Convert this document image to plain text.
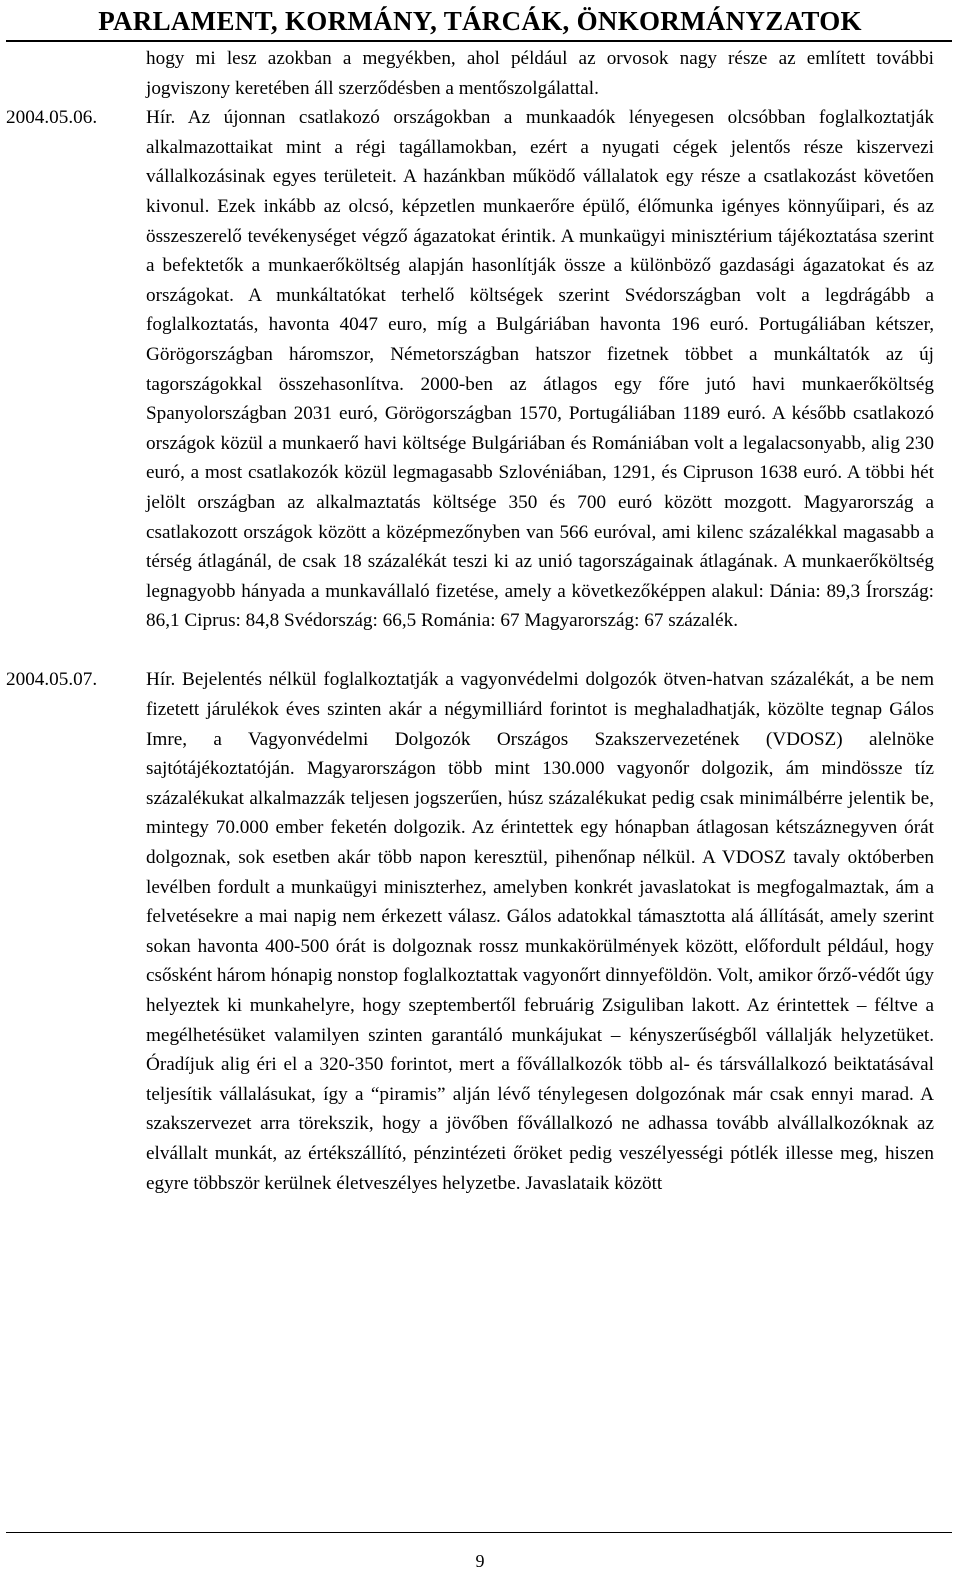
PARLAMENT, KORMÁNY, TÁRCÁK, ÖNKORMÁNYZATOK
hogy mi lesz azokban a megyékben, ahol például az orvosok nagy része az említett további jogviszony keretében áll szerződésben a mentőszolgálattal.
2004.05.06.	Hír. Az újonnan csatlakozó országokban a munkaadók lényegesen olcsóbban foglalkoztatják alkalmazottaikat mint a régi tagállamokban, ezért a nyugati cégek jelentős része kiszervezi vállalkozásinak egyes területeit. A hazánkban működő vállalatok egy része a csatlakozást követően kivonul. Ezek inkább az olcsó, képzetlen munkaerőre épülő, élőmunka igényes könnyűipari, és az összeszerelő tevékenységet végző ágazatokat érintik. A munkaügyi minisztérium tájékoztatása szerint a befektetők a munkaerőköltség alapján hasonlítják össze a különböző gazdasági ágazatokat és az országokat. A munkáltatókat terhelő költségek szerint Svédországban volt a legdrágább a foglalkoztatás, havonta 4047 euro, míg a Bulgáriában havonta 196 euró. Portugáliában kétszer, Görögországban háromszor, Németországban hatszor fizetnek többet a munkáltatók az új tagországokkal összehasonlítva. 2000-ben az átlagos egy főre jutó havi munkaerőköltség Spanyolországban 2031 euró, Görögországban 1570, Portugáliában 1189 euró. A később csatlakozó országok közül a munkaerő havi költsége Bulgáriában és Romániában volt a legalacsonyabb, alig 230 euró, a most csatlakozók közül legmagasabb Szlovéniában, 1291, és Cipruson 1638 euró. A többi hét jelölt országban az alkalmaztatás költsége 350 és 700 euró között mozgott. Magyarország a csatlakozott országok között a középmezőnyben van 566 euróval, ami kilenc százalékkal magasabb a térség átlagánál, de csak 18 százalékát teszi ki az unió tagországainak átlagának. A munkaerőköltség legnagyobb hányada a munkavállaló fizetése, amely a következőképpen alakul: Dánia: 89,3 Írország: 86,1 Ciprus: 84,8 Svédország: 66,5 Románia: 67 Magyarország: 67 százalék.
2004.05.07.	Hír. Bejelentés nélkül foglalkoztatják a vagyonvédelmi dolgozók ötven-hatvan százalékát, a be nem fizetett járulékok éves szinten akár a négymilliárd forintot is meghaladhatják, közölte tegnap Gálos Imre, a Vagyonvédelmi Dolgozók Országos Szakszervezetének (VDOSZ) alelnöke sajtótájékoztatóján. Magyarországon több mint 130.000 vagyonőr dolgozik, ám mindössze tíz százalékukat alkalmazzák teljesen jogszerűen, húsz százalékukat pedig csak minimálbérre jelentik be, mintegy 70.000 ember feketén dolgozik. Az érintettek egy hónapban átlagosan kétszáznegyven órát dolgoznak, sok esetben akár több napon keresztül, pihenőnap nélkül. A VDOSZ tavaly októberben levélben fordult a munkaügyi miniszterhez, amelyben konkrét javaslatokat is megfogalmaztak, ám a felvetésekre a mai napig nem érkezett válasz. Gálos adatokkal támasztotta alá állítását, amely szerint sokan havonta 400-500 órát is dolgoznak rossz munkakörülmények között, előfordult például, hogy csősként három hónapig nonstop foglalkoztattak vagyonőrt dinnyeföldön. Volt, amikor őrző-védőt úgy helyeztek ki munkahelyre, hogy szeptembertől februárig Zsiguliban lakott. Az érintettek – féltve a megélhetésüket valamilyen szinten garantáló munkájukat – kényszerűségből vállalják helyzetüket. Óradíjuk alig éri el a 320-350 forintot, mert a fővállalkozók több al- és társvállalkozó beiktatásával teljesítik vállalásukat, így a “piramis” alján lévő ténylegesen dolgozónak már csak ennyi marad. A szakszervezet arra törekszik, hogy a jövőben fővállalkozó ne adhassa tovább alvállalkozóknak az elvállalt munkát, az értékszállító, pénzintézeti őröket pedig veszélyességi pótlék illesse meg, hiszen egyre többször kerülnek életveszélyes helyzetbe. Javaslataik között
9
